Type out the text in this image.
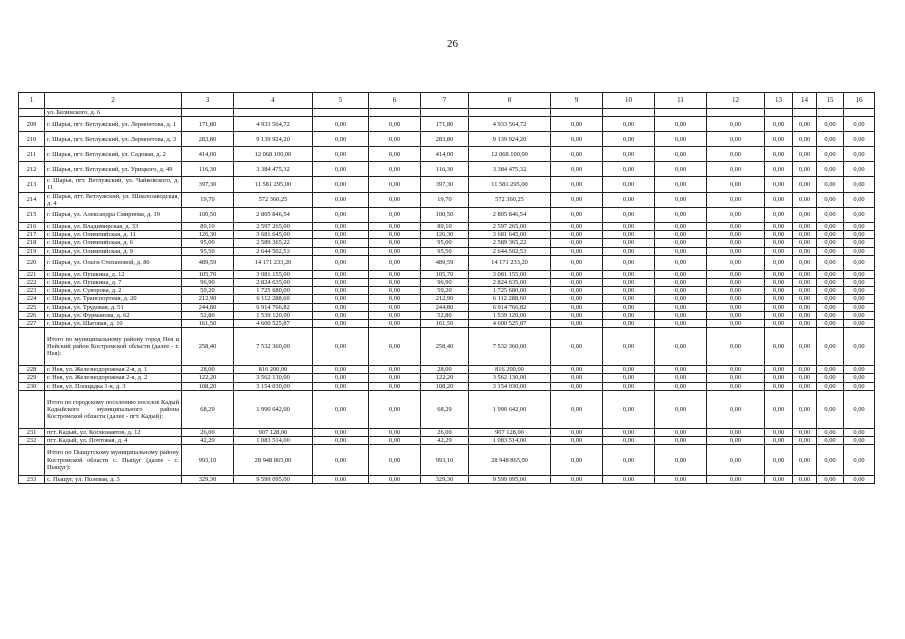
26
1	2	3	4	5	6	7	8	9	10	11	12	13	14	15	16
	ул. Белинского, д. 6														
209	г. Шарья, пгт. Ветлужский, ул. Лермонтова, д. 1	171,80	4 933 564,72	0,00	0,00	171,80	4 933 564,72	0,00	0,00	0,00	0,00	0,00	0,00	0,00	0,00
210	г. Шарья, пгт. Ветлужский, ул. Лермонтова, д. 3	283,80	9 139 924,20	0,00	0,00	283,80	9 139 924,20	0,00	0,00	0,00	0,00	0,00	0,00	0,00	0,00
211	г. Шарья, пгт. Ветлужский, ул. Садовая, д. 2	414,00	12 068 100,00	0,00	0,00	414,00	12 068 100,00	0,00	0,00	0,00	0,00	0,00	0,00	0,00	0,00
212	г. Шарья, пгт. Ветлужский, ул. Урицкого, д. 49	116,30	3 384 475,32	0,00	0,00	116,30	3 384 475,32	0,00	0,00	0,00	0,00	0,00	0,00	0,00	0,00
213	г. Шарья, пгт. Ветлужский, ул. Чайковского, д. 11	397,30	11 581 295,00	0,00	0,00	397,30	11 581 295,00	0,00	0,00	0,00	0,00	0,00	0,00	0,00	0,00
214	г. Шарья, пгт. Ветлужский, ул. Шпалозаводская, д. 4	19,70	572 360,25	0,00	0,00	19,70	572 360,25	0,00	0,00	0,00	0,00	0,00	0,00	0,00	0,00
215	г. Шарья, ул. Александра Смирнова, д. 19	100,50	2 805 846,54	0,00	0,00	100,50	2 805 846,54	0,00	0,00	0,00	0,00	0,00	0,00	0,00	0,00
216	г. Шарья, ул. Владимирская, д. 33	89,10	2 597 265,00	0,00	0,00	89,10	2 597 265,00	0,00	0,00	0,00	0,00	0,00	0,00	0,00	0,00
217	г. Шарья, ул. Олимпийская, д. 11	126,30	3 681 645,00	0,00	0,00	126,30	3 681 645,00	0,00	0,00	0,00	0,00	0,00	0,00	0,00	0,00
218	г. Шарья, ул. Олимпийская, д. 6	95,00	2 589 365,22	0,00	0,00	95,00	2 589 365,22	0,00	0,00	0,00	0,00	0,00	0,00	0,00	0,00
219	г. Шарья, ул. Олимпийская, д. 9	95,50	2 644 502,53	0,00	0,00	95,50	2 644 502,53	0,00	0,00	0,00	0,00	0,00	0,00	0,00	0,00
220	г. Шарья, ул. Ольги Степановой, д. 80	489,59	14 171 233,20	0,00	0,00	489,59	14 171 233,20	0,00	0,00	0,00	0,00	0,00	0,00	0,00	0,00
221	г. Шарья, ул. Пушкина, д. 12	105,70	3 081 155,00	0,00	0,00	105,70	3 081 155,00	0,00	0,00	0,00	0,00	0,00	0,00	0,00	0,00
222	г. Шарья, ул. Пушкина, д. 7	96,90	2 824 635,00	0,00	0,00	96,90	2 824 635,00	0,00	0,00	0,00	0,00	0,00	0,00	0,00	0,00
223	г. Шарья, ул. Суворова, д. 2	59,20	1 725 680,00	0,00	0,00	59,20	1 725 680,00	0,00	0,00	0,00	0,00	0,00	0,00	0,00	0,00
224	г. Шарья, ул. Транспортная, д. 20	212,90	6 112 288,60	0,00	0,00	212,90	6 112 288,60	0,00	0,00	0,00	0,00	0,00	0,00	0,00	0,00
225	г. Шарья, ул. Трудовая, д. 51	244,80	6 914 766,82	0,00	0,00	244,80	6 914 766,82	0,00	0,00	0,00	0,00	0,00	0,00	0,00	0,00
226	г. Шарья, ул. Фурманова, д. 62	52,80	1 539 120,00	0,00	0,00	52,80	1 539 120,00	0,00	0,00	0,00	0,00	0,00	0,00	0,00	0,00
227	г. Шарья, ул. Шаговая, д. 10	161,50	4 600 525,87	0,00	0,00	161,50	4 600 525,87	0,00	0,00	0,00	0,00	0,00	0,00	0,00	0,00
	Итого по муниципальному району город Нея и Нейский район Костромской области (далее - г. Нея):	258,40	7 532 360,00	0,00	0,00	258,40	7 532 360,00	0,00	0,00	0,00	0,00	0,00	0,00	0,00	0,00
228	г. Нея, ул. Железнодорожная 2-я, д. 1	28,00	816 200,00	0,00	0,00	28,00	816 200,00	0,00	0,00	0,00	0,00	0,00	0,00	0,00	0,00
229	г. Нея, ул. Железнодорожная 2-я, д. 2	122,20	3 562 130,00	0,00	0,00	122,20	3 562 130,00	0,00	0,00	0,00	0,00	0,00	0,00	0,00	0,00
230	г. Нея, ул. Площадка 1-я, д. 3	108,20	3 154 030,00	0,00	0,00	108,20	3 154 030,00	0,00	0,00	0,00	0,00	0,00	0,00	0,00	0,00
	Итого по городскому поселению поселок Кадый Кадыйского муниципального района Костромской области (далее - пгт. Кадый):	68,29	1 990 642,00	0,00	0,00	68,29	1 990 642,00	0,00	0,00	0,00	0,00	0,00	0,00	0,00	0,00
231	пгт. Кадый, ул. Космонавтов, д. 12	26,00	907 128,00	0,00	0,00	26,00	907 128,00	0,00	0,00	0,00	0,00	0,00	0,00	0,00	0,00
232	пгт. Кадый, ул. Почтовая, д. 4	42,29	1 083 514,00	0,00	0,00	42,29	1 083 514,00	0,00	0,00	0,00	0,00	0,00	0,00	0,00	0,00
	Итого по Пыщугскому муниципальному району Костромской области с. Пыщуг (далее - с. Пыщуг):	993,10	28 948 865,00	0,00	0,00	993,10	28 948 865,00	0,00	0,00	0,00	0,00	0,00	0,00	0,00	0,00
233	с. Пыщуг, ул. Полевая, д. 3	329,30	9 599 095,00	0,00	0,00	329,30	9 599 095,00	0,00	0,00	0,00	0,00	0,00	0,00	0,00	0,00
